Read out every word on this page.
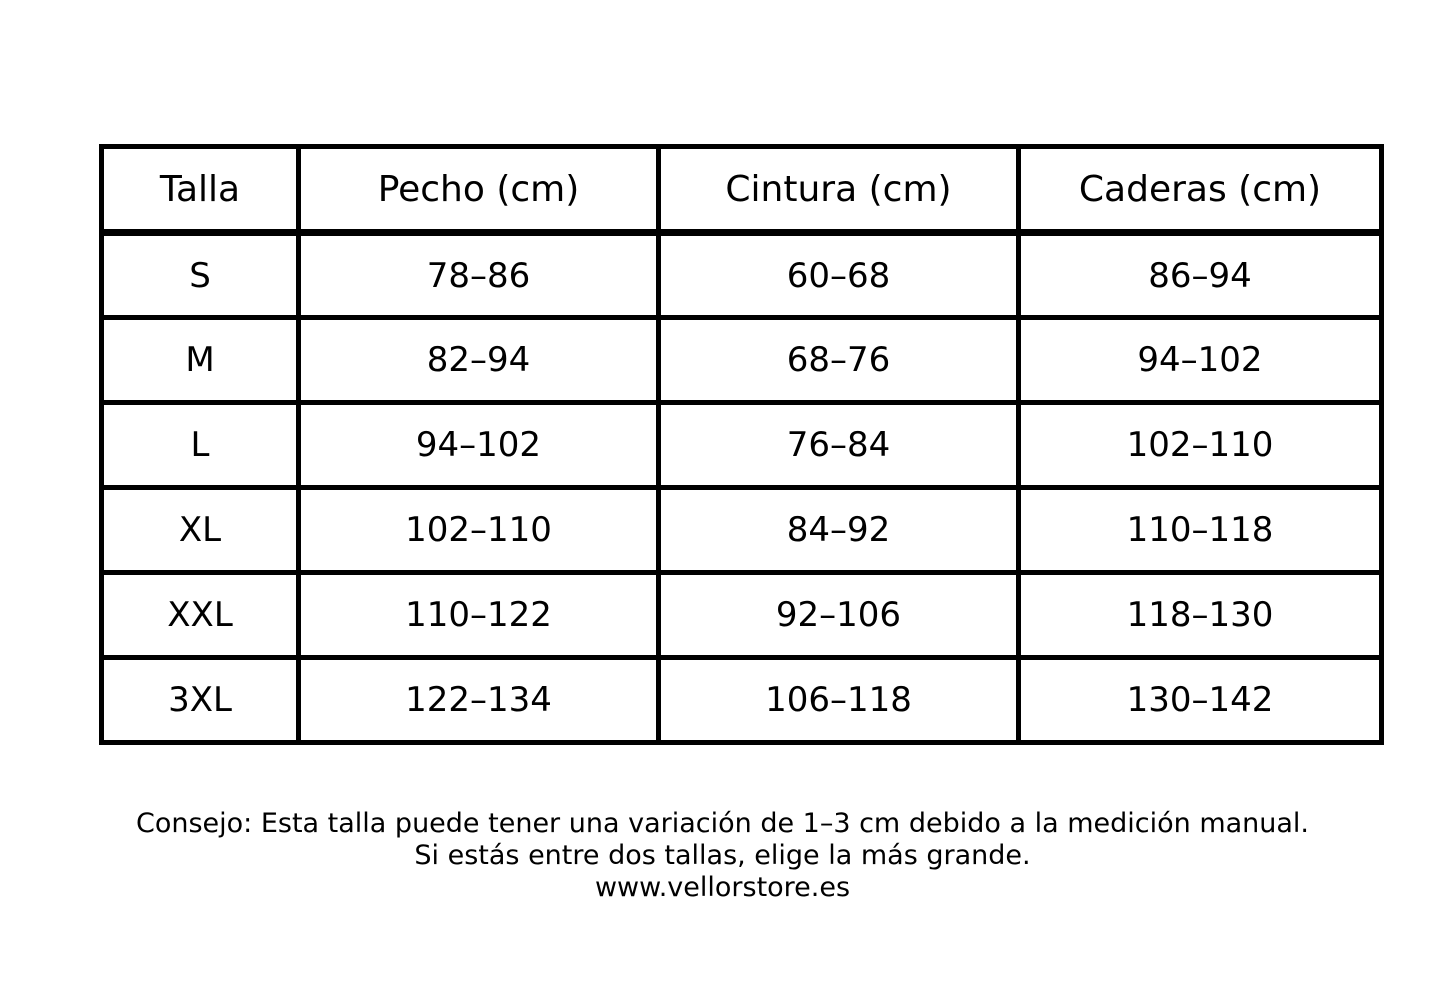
Talla	Pecho (cm)	Cintura (cm)	Caderas (cm)
S	78–86	60–68	86–94
M	82–94	68–76	94–102
L	94–102	76–84	102–110
XL	102–110	84–92	110–118
XXL	110–122	92–106	118–130
3XL	122–134	106–118	130–142

Consejo: Esta talla puede tener una variación de 1–3 cm debido a la medición manual.

Si estás entre dos tallas, elige la más grande.

www.vellorstore.es
